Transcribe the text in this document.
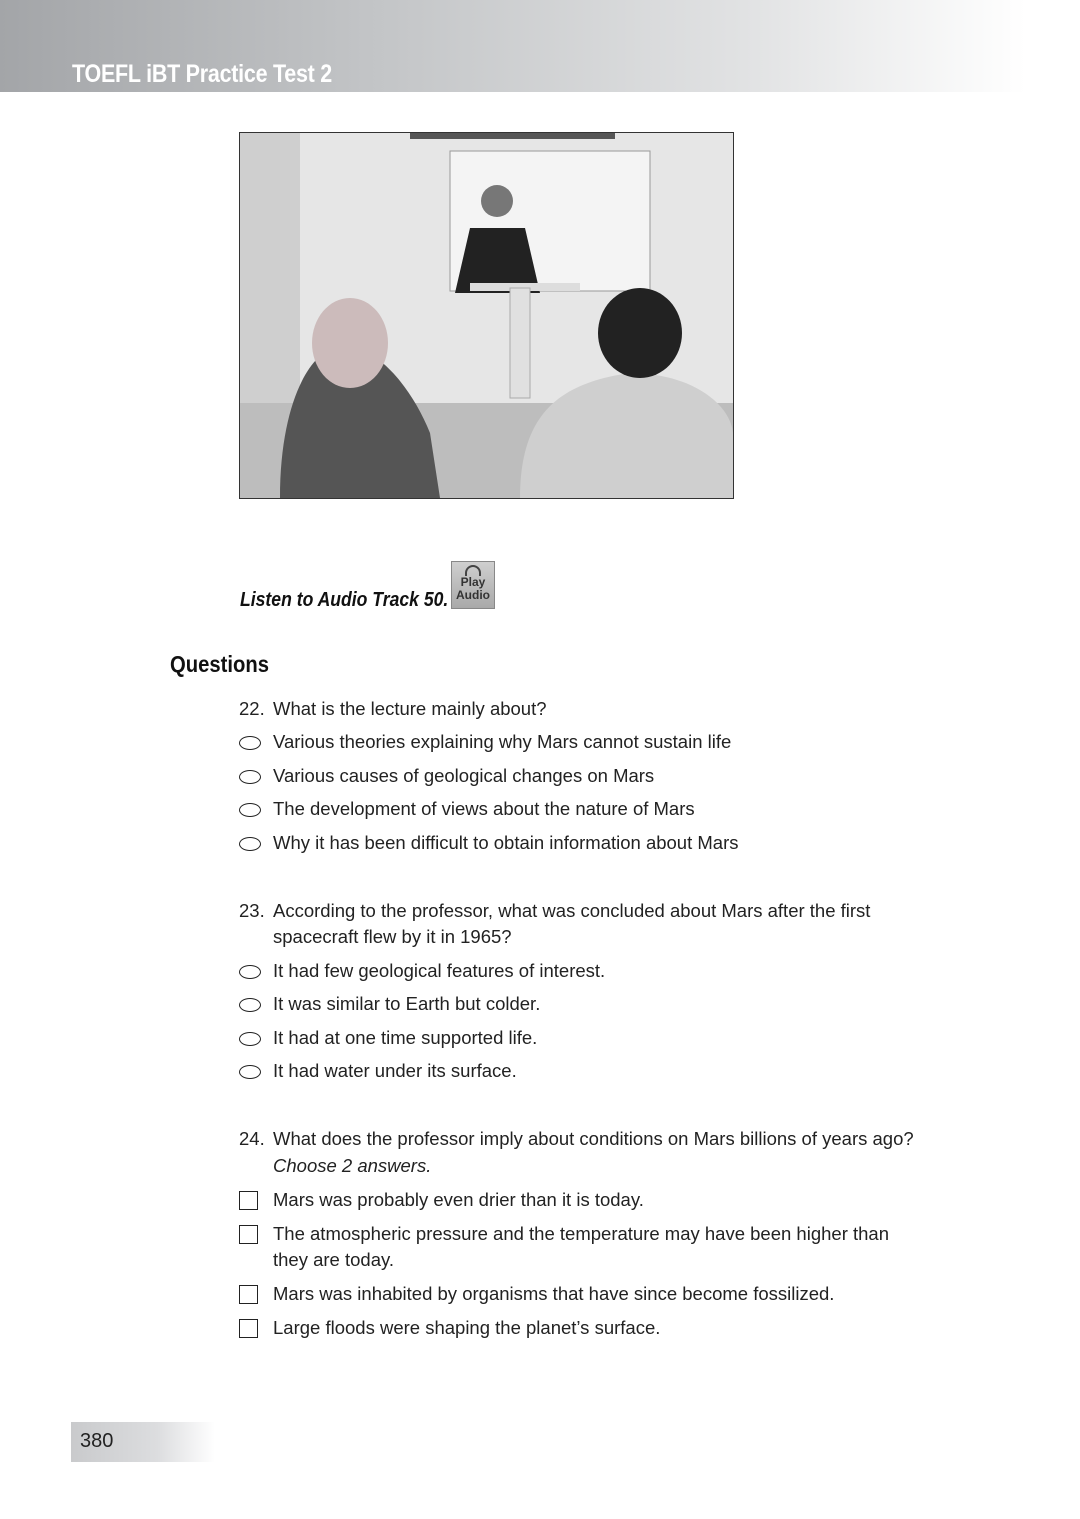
TOEFL iBT Practice Test 2
Listen to Audio Track 50.
Play
Audio
Questions
22. What is the lecture mainly about?
Various theories explaining why Mars cannot sustain life
Various causes of geological changes on Mars
The development of views about the nature of Mars
Why it has been difficult to obtain information about Mars
23. According to the professor, what was concluded about Mars after the first
spacecraft flew by it in 1965?
It had few geological features of interest.
It was similar to Earth but colder.
It had at one time supported life.
It had water under its surface.
24. What does the professor imply about conditions on Mars billions of years ago?
Choose 2 answers.
Mars was probably even drier than it is today.
The atmospheric pressure and the temperature may have been higher than
they are today.
Mars was inhabited by organisms that have since become fossilized.
Large floods were shaping the planet’s surface.
380
